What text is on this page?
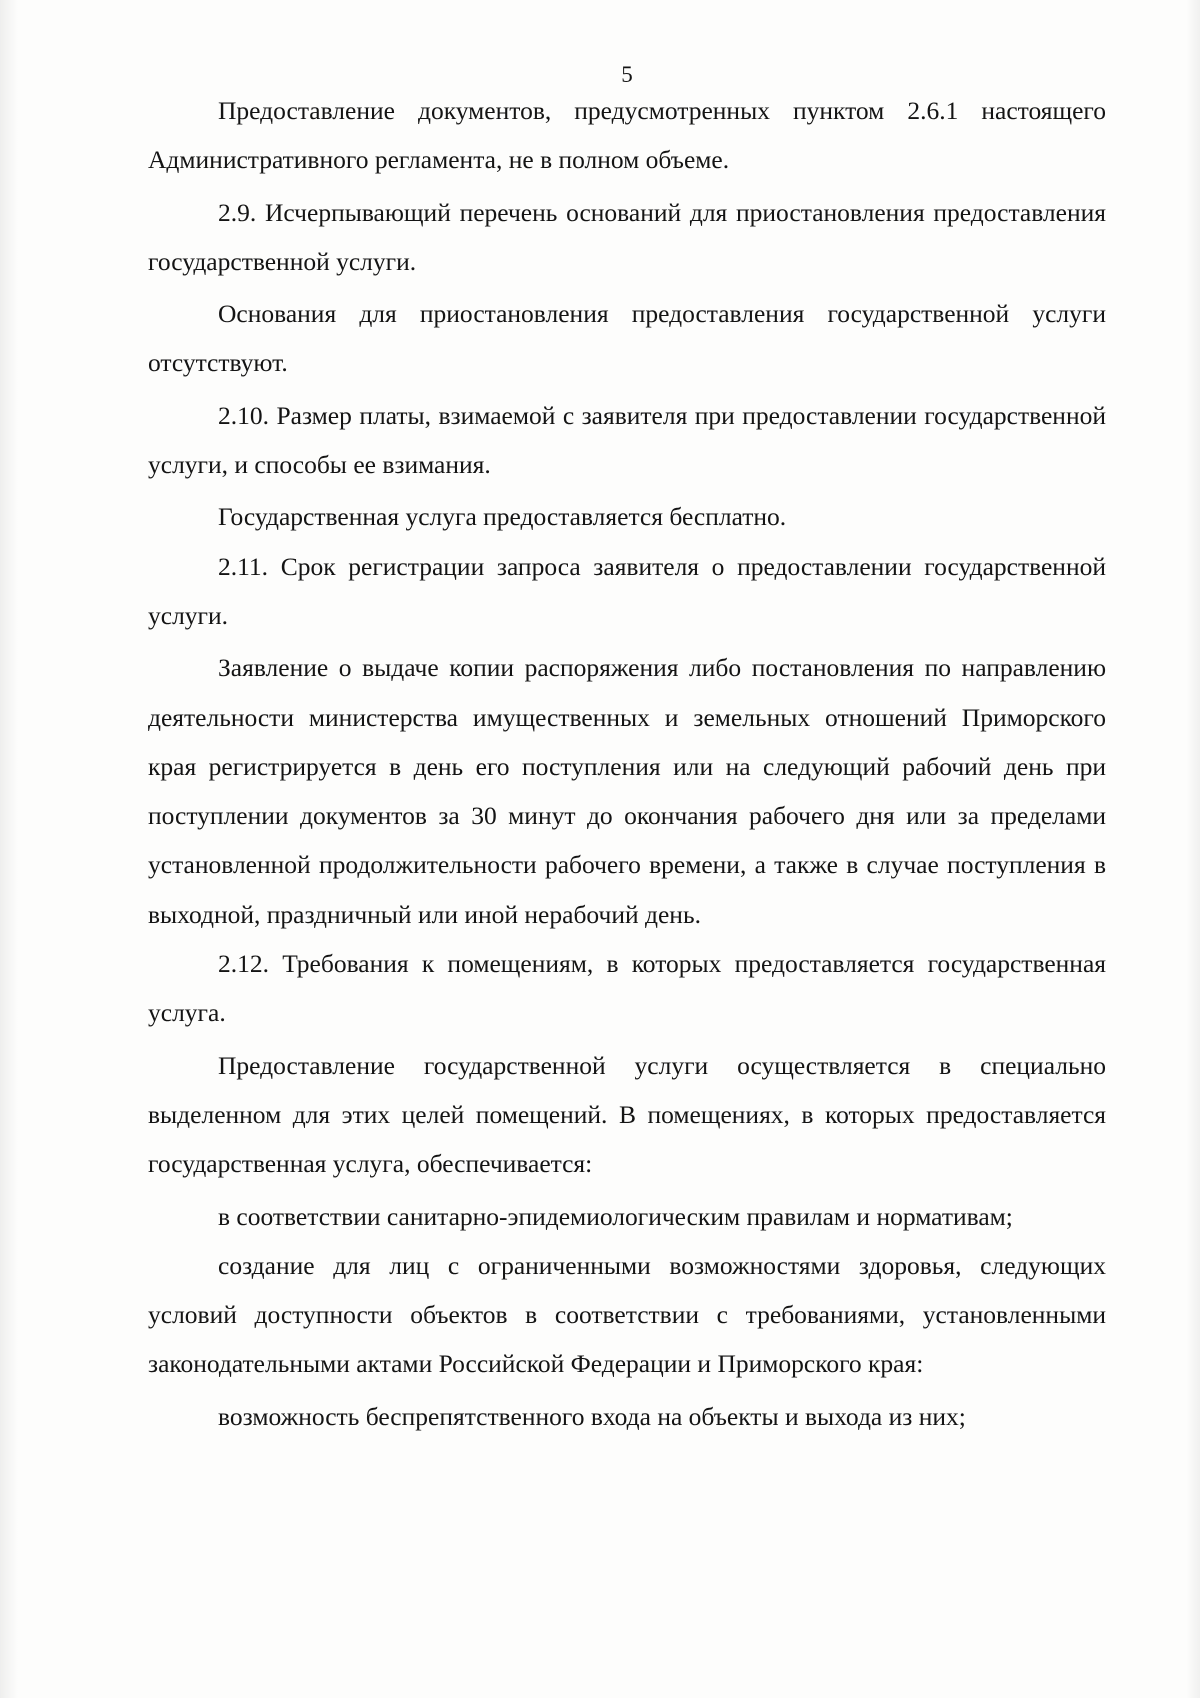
5

Предоставление документов, предусмотренных пунктом 2.6.1 настоящего Административного регламента, не в полном объеме.

2.9. Исчерпывающий перечень оснований для приостановления предоставления государственной услуги.

Основания для приостановления предоставления государственной услуги отсутствуют.

2.10. Размер платы, взимаемой с заявителя при предоставлении государственной услуги, и способы ее взимания.

Государственная услуга предоставляется бесплатно.

2.11. Срок регистрации запроса заявителя о предоставлении государственной услуги.

Заявление о выдаче копии распоряжения либо постановления по направлению деятельности министерства имущественных и земельных отношений Приморского края регистрируется в день его поступления или на следующий рабочий день при поступлении документов за 30 минут до окончания рабочего дня или за пределами установленной продолжительности рабочего времени, а также в случае поступления в выходной, праздничный или иной нерабочий день.

2.12. Требования к помещениям, в которых предоставляется государственная услуга.

Предоставление государственной услуги осуществляется в специально выделенном для этих целей помещений. В помещениях, в которых предоставляется государственная услуга, обеспечивается:

в соответствии санитарно-эпидемиологическим правилам и нормативам;

создание для лиц с ограниченными возможностями здоровья, следующих условий доступности объектов в соответствии с требованиями, установленными законодательными актами Российской Федерации и Приморского края:

возможность беспрепятственного входа на объекты и выхода из них;
